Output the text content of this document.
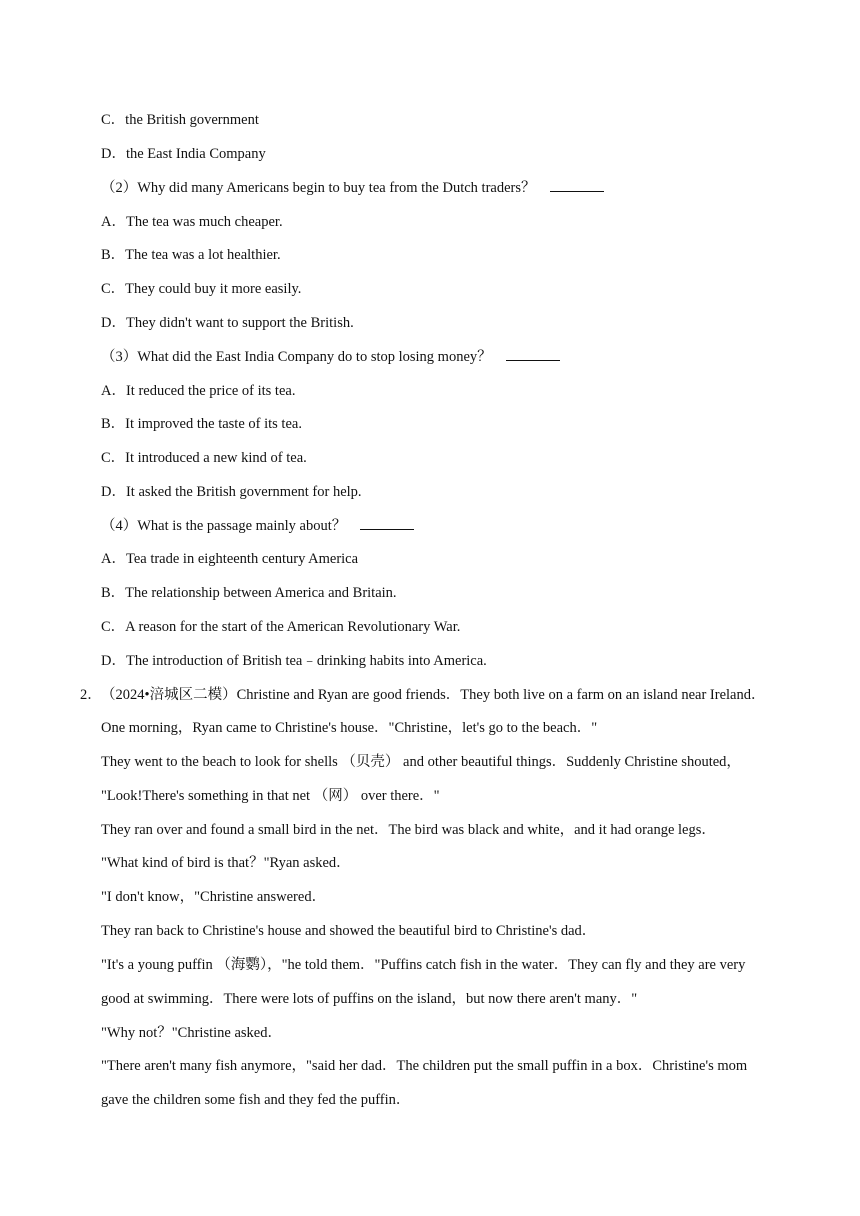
C．the British government
D．the East India Company
（2）Why did many Americans begin to buy tea from the Dutch traders？
A．The tea was much cheaper.
B．The tea was a lot healthier.
C．They could buy it more easily.
D．They didn't want to support the British.
（3）What did the East India Company do to stop losing money？
A．It reduced the price of its tea.
B．It improved the taste of its tea.
C．It introduced a new kind of tea.
D．It asked the British government for help.
（4）What is the passage mainly about？
A．Tea trade in eighteenth century America
B．The relationship between America and Britain.
C．A reason for the start of the American Revolutionary War.
D．The introduction of British tea﹣drinking habits into America.
2． （2024•涪城区二模）Christine and Ryan are good friends．They both live on a farm on an island near Ireland．
One morning，Ryan came to Christine's house．"Christine，let's go to the beach．"
They went to the beach to look for shells （贝壳） and other beautiful things．Suddenly Christine shouted，
"Look!There's something in that net （网） over there．"
They ran over and found a small bird in the net．The bird was black and white，and it had orange legs．
"What kind of bird is that？"Ryan asked．
"I don't know，"Christine answered．
They ran back to Christine's house and showed the beautiful bird to Christine's dad．
"It's a young puffin （海鹦），"he told them．"Puffins catch fish in the water．They can fly and they are very
good at swimming．There were lots of puffins on the island，but now there aren't many．"
"Why not？"Christine asked．
"There aren't many fish anymore，"said her dad．The children put the small puffin in a box．Christine's mom
gave the children some fish and they fed the puffin．
